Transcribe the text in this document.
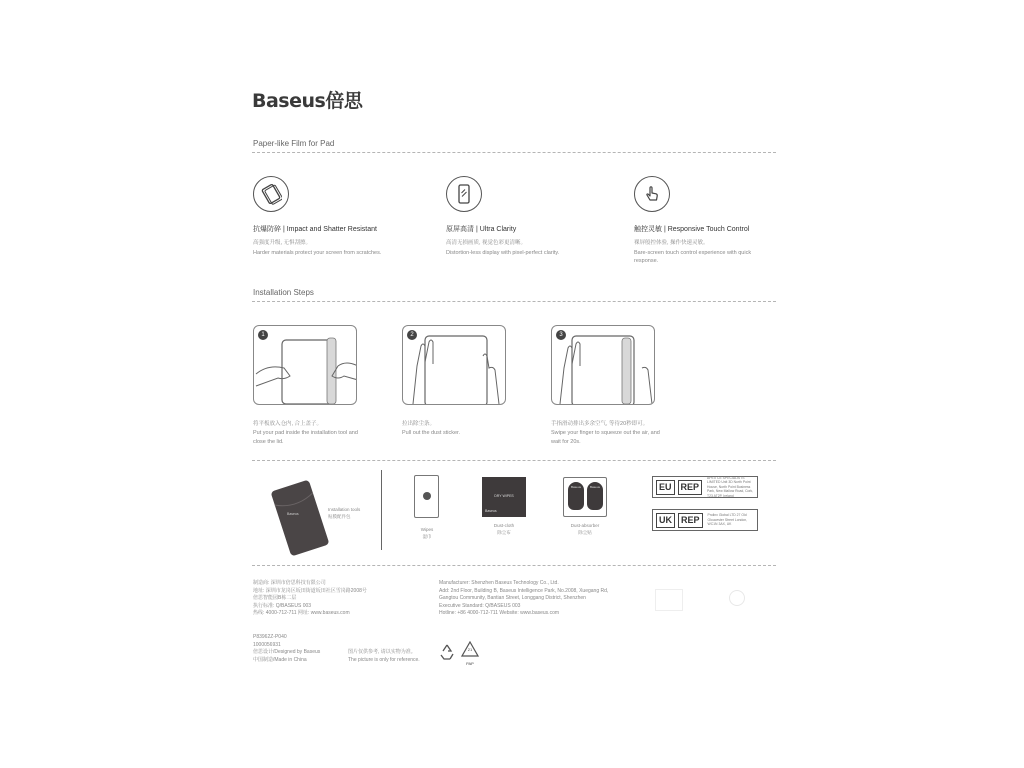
Baseus倍思
Paper-like Film for Pad
抗爆防碎 | Impact and Shatter Resistant
高强度升级, 无惧刮擦。
Harder materials protect your screen from scratches.
原屏高清 | Ultra Clarity
高清无损画质, 视觉色彩更清晰。
Distortion-less display with pixel-perfect clarity.
触控灵敏 | Responsive Touch Control
裸屏般控体验, 操作快速灵敏。
Bare-screen touch control experience with quick response.
Installation Steps
1
将平板放入仓内, 合上盖子。
Put your pad inside the installation tool and close the lid.
2
拉出除尘条。
Pull out the dust sticker.
3
手指滑动排出多余空气, 等待20秒即可。
Swipe your finger to squeeze out the air, and wait for 20s.
Baseus
Installation tools
贴膜配件包
Wipes
湿巾
DRY WIPES
Baseus
Dust-cloth
除尘布
Baseus	Baseus
Dust-absorber
除尘贴
EU	REP
APEX CE SPECIALISTS LIMITED Unit 3D North Point House, North Point Business Park, New Mallow Road, Cork, T23 AT2P, Ireland
UK	REP	Prolinx Global LTD 27 Old Gloucester Street London, WC1N 3AX, UK
制造商: 深圳市倍思科技有限公司
地址: 深圳市龙岗区坂田街道坂田社区雪岗路2008号
倍思智能园B栋二层
执行标准: Q/BASEUS 003
热线: 4000-712-711 网址: www.baseus.com
Manufacturer: Shenzhen Baseus Technology Co., Ltd.
Add: 2nd Floor, Building B, Baseus Intelligence Park, No.2008, Xuegang Rd,
Gangtou Community, Bantian Street, Longgang District, Shenzhen
Executive Standard: Q/BASEUS 003
Hotline: +86 4000-712-711 Website: www.baseus.com
P83962Z-P040
1000056931
倍思设计/Designed by Baseus
中国制造/Made in China
图片仅供参考, 请以实物为准。
The picture is only for reference.
21
PAP
